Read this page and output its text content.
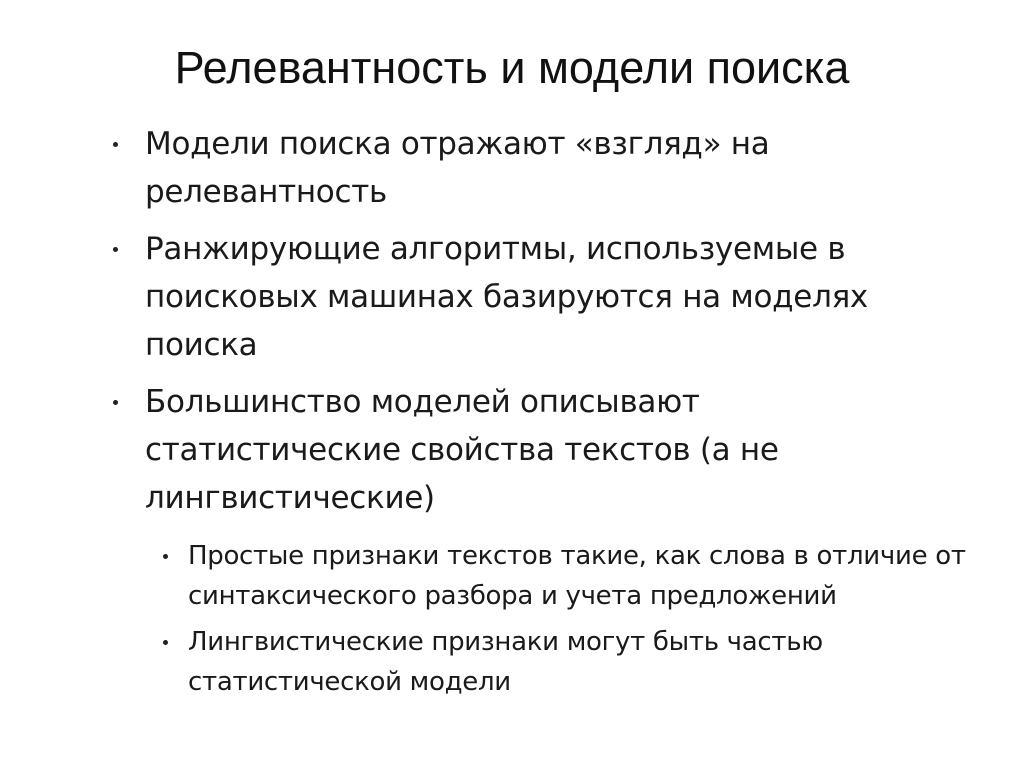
Релевантность и модели поиска
Модели поиска отражают «взгляд» на релевантность
Ранжирующие алгоритмы, используемые в поисковых машинах базируются на моделях поиска
Большинство моделей описывают статистические свойства текстов (а не лингвистические)
Простые признаки текстов такие, как слова в отличие от синтаксического разбора и учета предложений
Лингвистические признаки могут быть частью статистической модели
